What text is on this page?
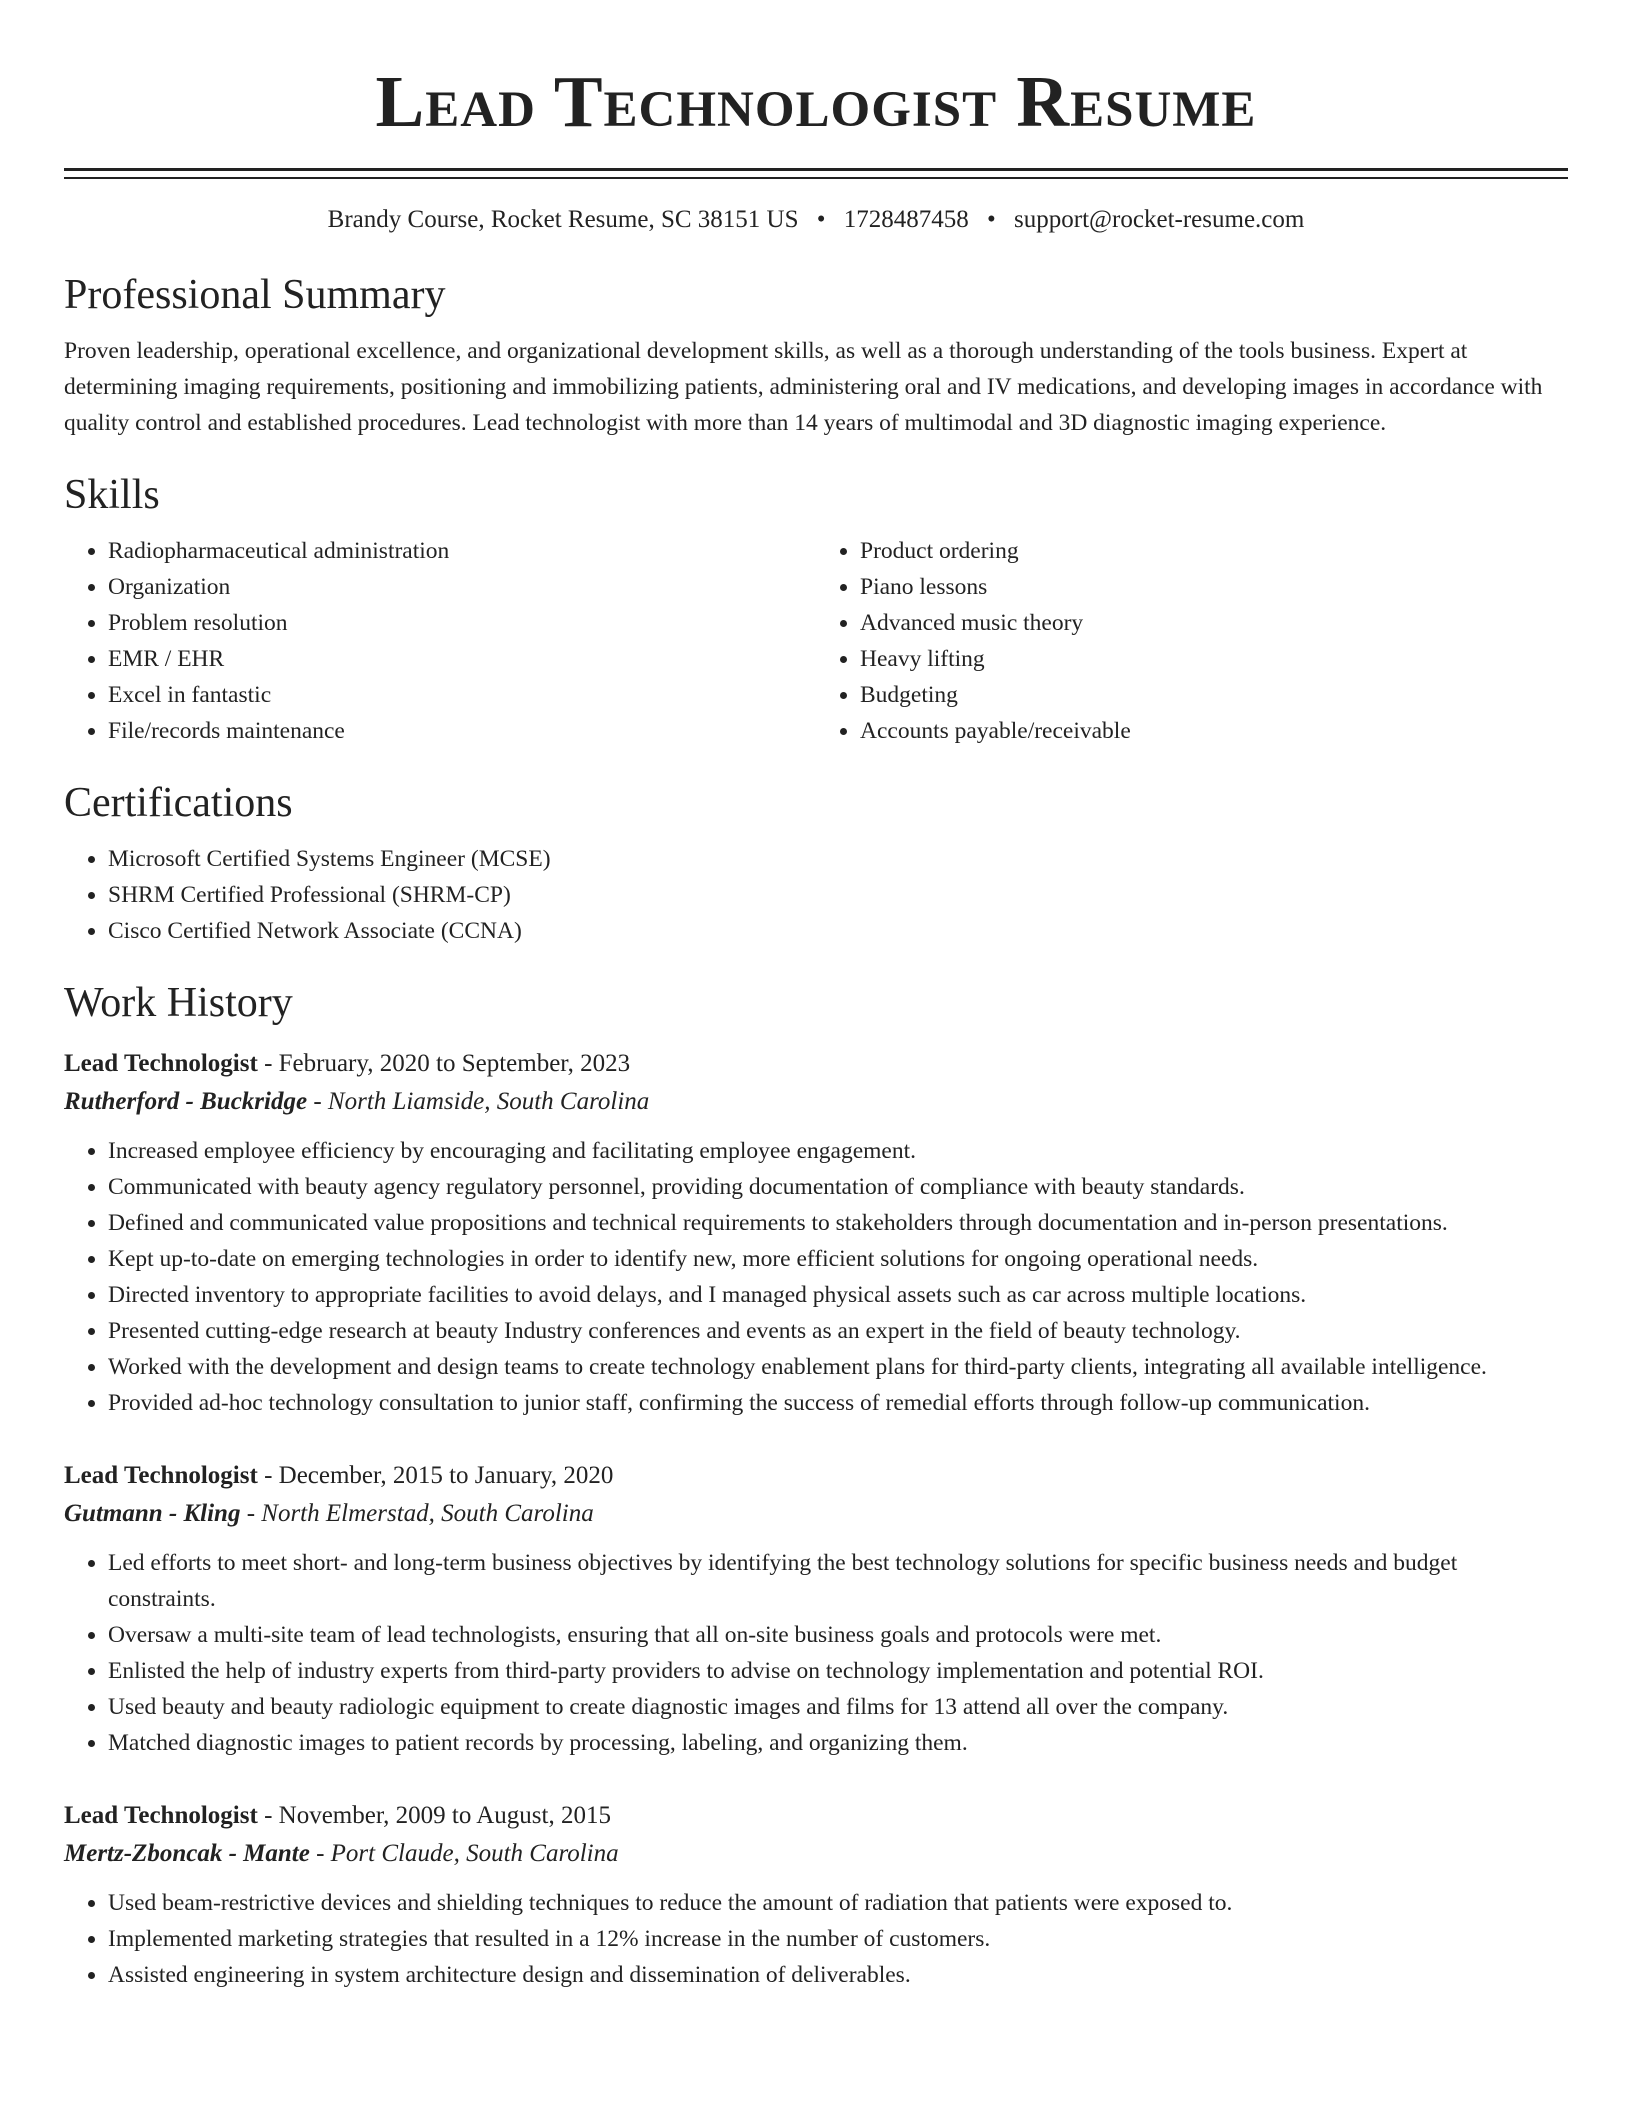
Lead Technologist Resume
Brandy Course, Rocket Resume, SC 38151 US • 1728487458 • support@rocket-resume.com
Professional Summary

Proven leadership, operational excellence, and organizational development skills, as well as a thorough understanding of the tools business. Expert at determining imaging requirements, positioning and immobilizing patients, administering oral and IV medications, and developing images in accordance with quality control and established procedures. Lead technologist with more than 14 years of multimodal and 3D diagnostic imaging experience.

Skills
• Radiopharmaceutical administration
• Organization
• Problem resolution
• EMR / EHR
• Excel in fantastic
• File/records maintenance
• Product ordering
• Piano lessons
• Advanced music theory
• Heavy lifting
• Budgeting
• Accounts payable/receivable
Certifications
• Microsoft Certified Systems Engineer (MCSE)
• SHRM Certified Professional (SHRM-CP)
• Cisco Certified Network Associate (CCNA)
Work History
Lead Technologist - February, 2020 to September, 2023
Rutherford - Buckridge - North Liamside, South Carolina
• Increased employee efficiency by encouraging and facilitating employee engagement.
• Communicated with beauty agency regulatory personnel, providing documentation of compliance with beauty standards.
• Defined and communicated value propositions and technical requirements to stakeholders through documentation and in-person presentations.
• Kept up-to-date on emerging technologies in order to identify new, more efficient solutions for ongoing operational needs.
• Directed inventory to appropriate facilities to avoid delays, and I managed physical assets such as car across multiple locations.
• Presented cutting-edge research at beauty Industry conferences and events as an expert in the field of beauty technology.
• Worked with the development and design teams to create technology enablement plans for third-party clients, integrating all available intelligence.
• Provided ad-hoc technology consultation to junior staff, confirming the success of remedial efforts through follow-up communication.
Lead Technologist - December, 2015 to January, 2020
Gutmann - Kling - North Elmerstad, South Carolina
• Led efforts to meet short- and long-term business objectives by identifying the best technology solutions for specific business needs and budget constraints.
• Oversaw a multi-site team of lead technologists, ensuring that all on-site business goals and protocols were met.
• Enlisted the help of industry experts from third-party providers to advise on technology implementation and potential ROI.
• Used beauty and beauty radiologic equipment to create diagnostic images and films for 13 attend all over the company.
• Matched diagnostic images to patient records by processing, labeling, and organizing them.
Lead Technologist - November, 2009 to August, 2015
Mertz-Zboncak - Mante - Port Claude, South Carolina
• Used beam-restrictive devices and shielding techniques to reduce the amount of radiation that patients were exposed to.
• Implemented marketing strategies that resulted in a 12% increase in the number of customers.
• Assisted engineering in system architecture design and dissemination of deliverables.
